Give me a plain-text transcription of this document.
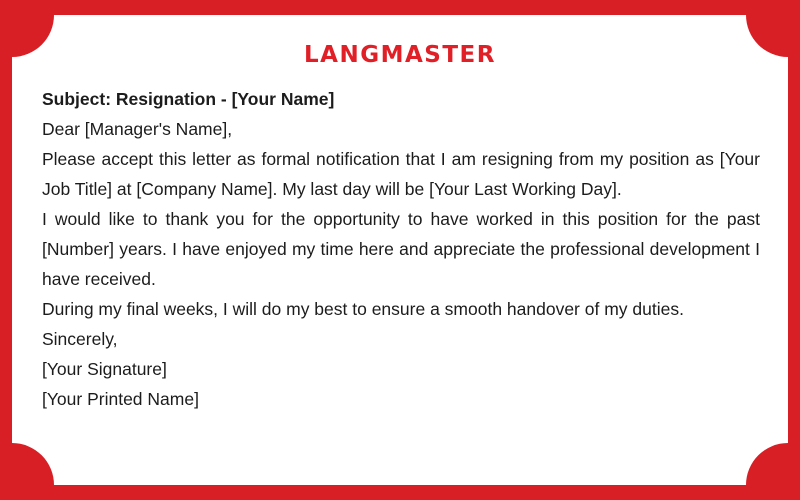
LANGMASTER

Subject: Resignation - [Your Name]

Dear [Manager's Name],

Please accept this letter as formal notification that I am resigning from my position as [Your Job Title] at [Company Name]. My last day will be [Your Last Working Day].

I would like to thank you for the opportunity to have worked in this position for the past [Number] years. I have enjoyed my time here and appreciate the professional development I have received.

During my final weeks, I will do my best to ensure a smooth handover of my duties.

Sincerely,

[Your Signature]

[Your Printed Name]
